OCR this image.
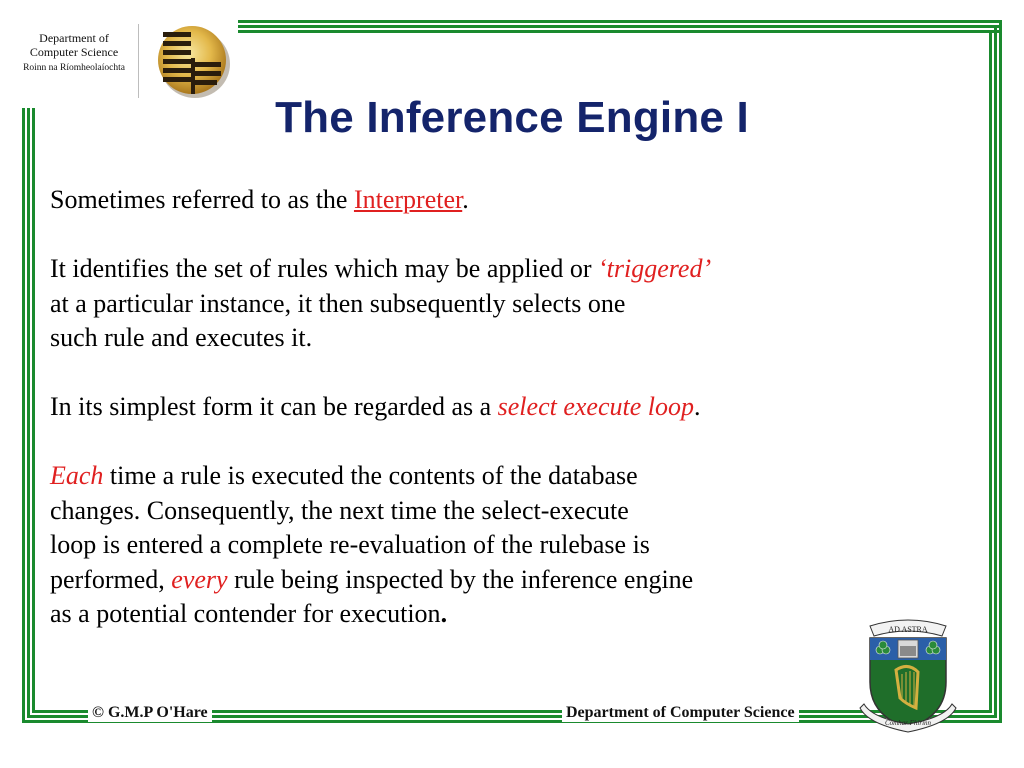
Department of
Computer Science
Roinn na Ríomheolaíochta
The Inference Engine I

Sometimes referred to as the Interpreter.

It identifies the set of rules which may be applied or ‘triggered’
at a particular instance, it then subsequently selects one
such rule and executes it.

In its simplest form it can be regarded as a select execute loop.

Each time a rule is executed the contents of the database
changes. Consequently, the next time the select-execute
loop is entered a complete re-evaluation of the rulebase is
performed, every rule being inspected by the inference engine
as a potential contender for execution.

© G.M.P O'Hare	Department of Computer Science
AD ASTRA
Comhar Fhírinn
